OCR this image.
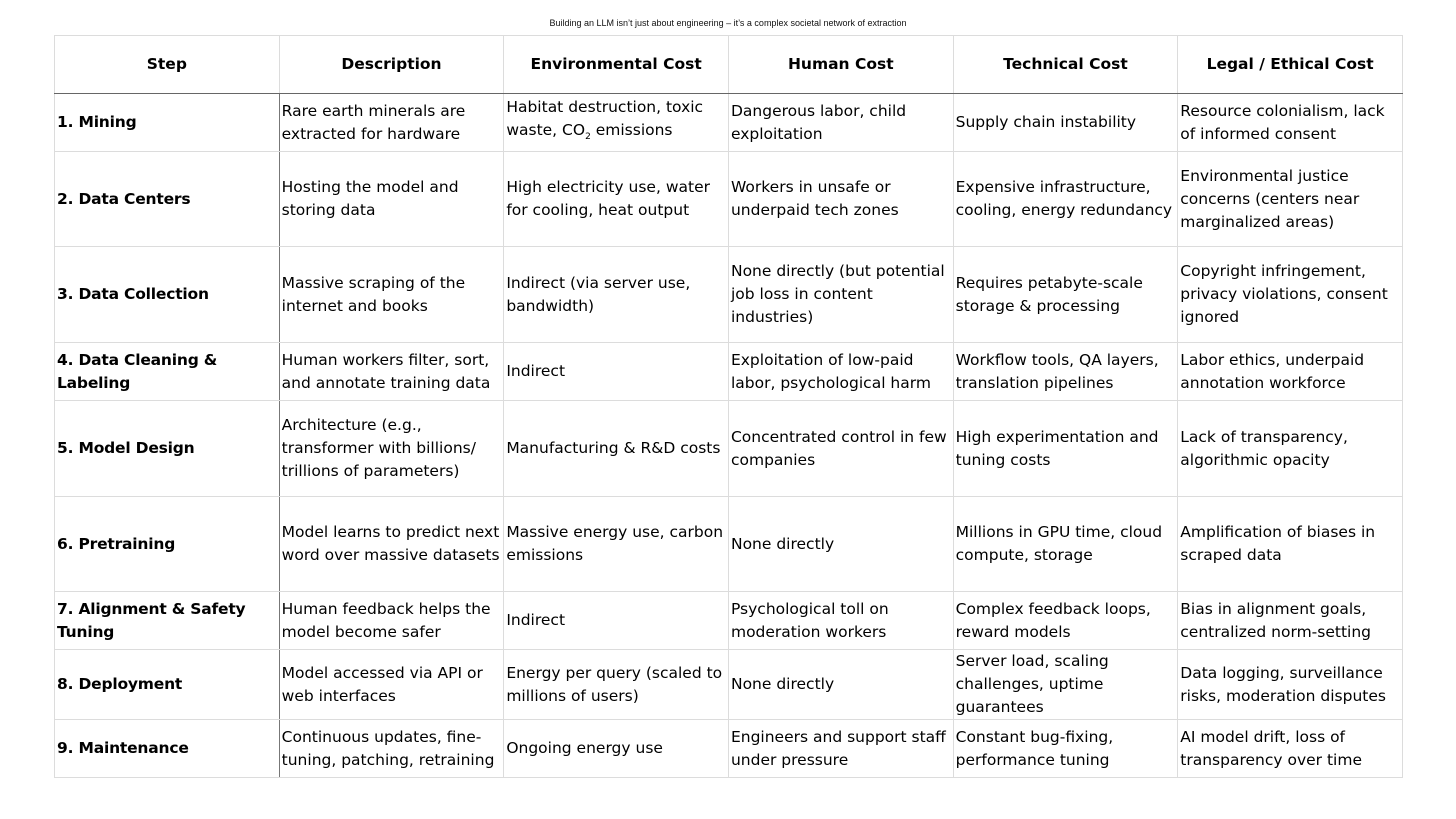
Building an LLM isn’t just about engineering – it’s a complex societal network of extraction
Step	Description	Environmental Cost	Human Cost	Technical Cost	Legal / Ethical Cost
1. Mining	Rare earth minerals are extracted for hardware	Habitat destruction, toxic waste, $CO_2$ emissions	Dangerous labor, child exploitation	Supply chain instability	Resource colonialism, lack of informed consent
2. Data Centers	Hosting the model and storing data	High electricity use, water for cooling, heat output	Workers in unsafe or underpaid tech zones	Expensive infrastructure, cooling, energy redundancy	Environmental justice concerns (centers near marginalized areas)
3. Data Collection	Massive scraping of the internet and books	Indirect (via server use, bandwidth)	None directly (but potential job loss in content industries)	Requires petabyte-scale storage & processing	Copyright infringement, privacy violations, consent ignored
4. Data Cleaning & Labeling	Human workers filter, sort, and annotate training data	Indirect	Exploitation of low-paid labor, psychological harm	Workflow tools, QA layers, translation pipelines	Labor ethics, underpaid annotation workforce
5. Model Design	Architecture (e.g., transformer with billions/ trillions of parameters)	Manufacturing & R&D costs	Concentrated control in few companies	High experimentation and tuning costs	Lack of transparency, algorithmic opacity
6. Pretraining	Model learns to predict next word over massive datasets	Massive energy use, carbon emissions	None directly	Millions in GPU time, cloud compute, storage	Amplification of biases in scraped data
7. Alignment & Safety Tuning	Human feedback helps the model become safer	Indirect	Psychological toll on moderation workers	Complex feedback loops, reward models	Bias in alignment goals, centralized norm-setting
8. Deployment	Model accessed via API or web interfaces	Energy per query (scaled to millions of users)	None directly	Server load, scaling challenges, uptime guarantees	Data logging, surveillance risks, moderation disputes
9. Maintenance	Continuous updates, fine-tuning, patching, retraining	Ongoing energy use	Engineers and support staff under pressure	Constant bug-fixing, performance tuning	AI model drift, loss of transparency over time
